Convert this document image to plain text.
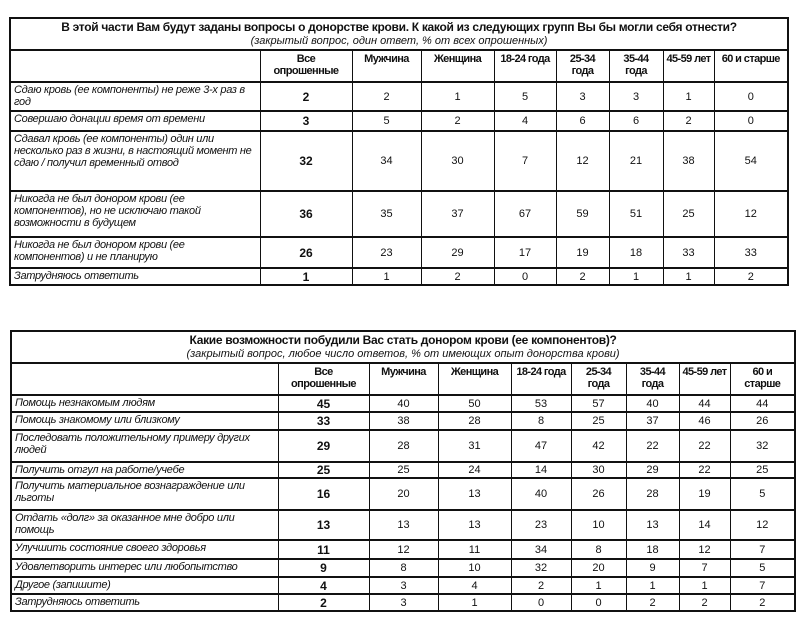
В этой части Вам будут заданы вопросы о донорстве крови. К какой из следующих групп Вы бы могли себя отнести?
(закрытый вопрос, один ответ, % от всех опрошенных)								

	Все опрошенные	Мужчина	Женщина	18-24 года	25-34 года	35-44 года	45-59 лет	60 и старше
Сдаю кровь (ее компоненты) не реже 3-х раз в год	2	2	1	5	3	3	1	0
Совершаю донации время от времени	3	5	2	4	6	6	2	0
Сдавал кровь (ее компоненты) один или несколько раз в жизни, в настоящий момент не сдаю / получил временный отвод	32	34	30	7	12	21	38	54
Никогда не был донором крови (ее компонентов), но не исключаю такой возможности в будущем	36	35	37	67	59	51	25	12
Никогда не был донором крови (ее компонентов) и не планирую	26	23	29	17	19	18	33	33
Затрудняюсь ответить	1	1	2	0	2	1	1	2
Какие возможности побудили Вас стать донором крови (ее компонентов)?
(закрытый вопрос, любое число ответов, % от имеющих опыт донорства крови)								

	Все опрошенные	Мужчина	Женщина	18-24 года	25-34 года	35-44 года	45-59 лет	60 и старше
Помощь незнакомым людям	45	40	50	53	57	40	44	44
Помощь знакомому или близкому	33	38	28	8	25	37	46	26
Последовать положительному примеру других людей	29	28	31	47	42	22	22	32
Получить отгул на работе/учебе	25	25	24	14	30	29	22	25
Получить материальное вознаграждение или льготы	16	20	13	40	26	28	19	5
Отдать «долг» за оказанное мне добро или помощь	13	13	13	23	10	13	14	12
Улучшить состояние своего здоровья	11	12	11	34	8	18	12	7
Удовлетворить интерес или любопытство	9	8	10	32	20	9	7	5
Другое (запишите)	4	3	4	2	1	1	1	7
Затрудняюсь ответить	2	3	1	0	0	2	2	2
